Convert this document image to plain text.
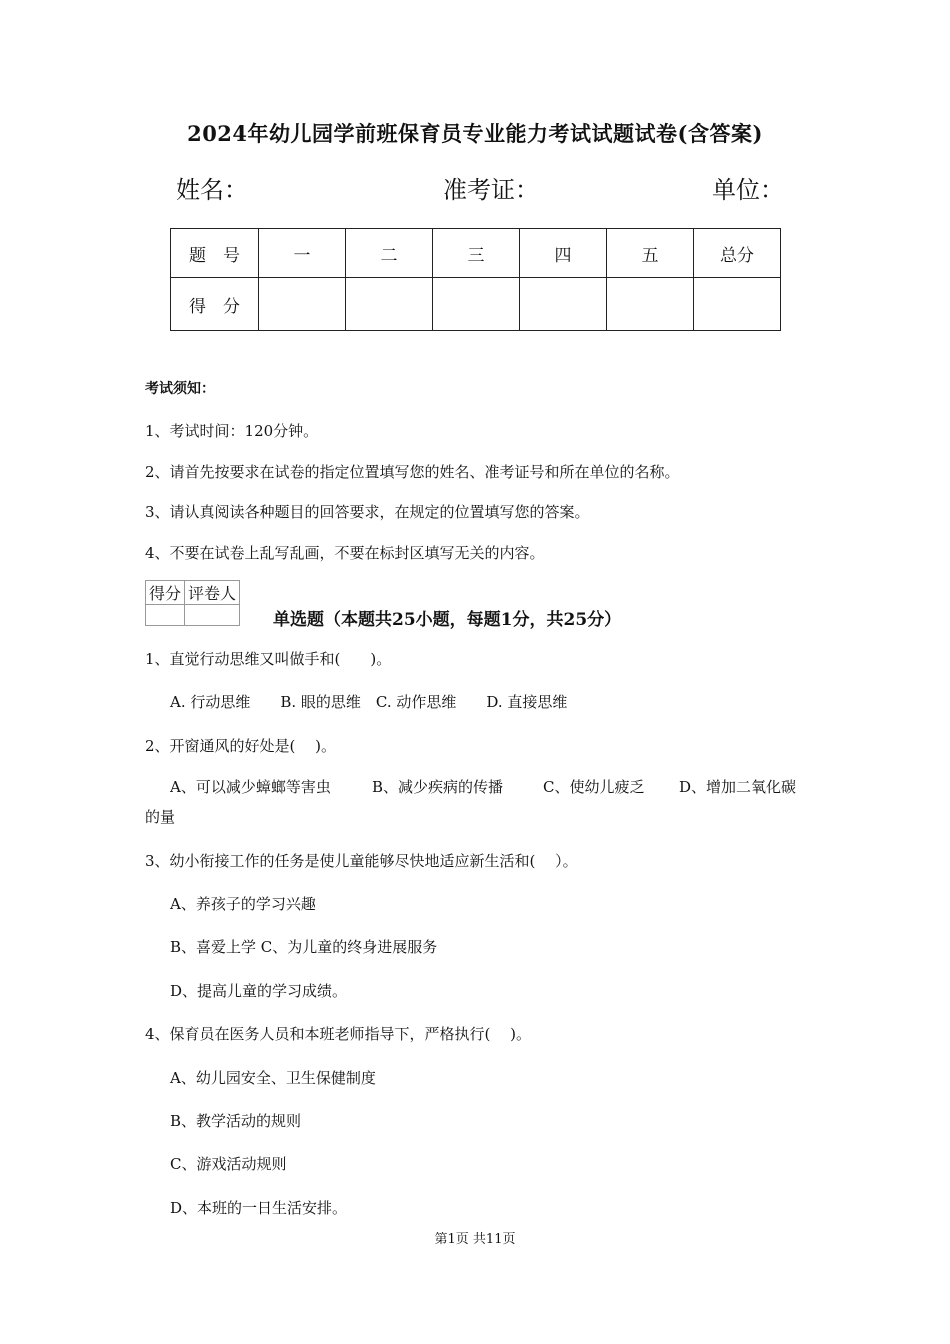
2024年幼儿园学前班保育员专业能力考试试题试卷(含答案)
姓名：	准考证：	单位：
题　号	一	二	三	四	五	总分
得　分						
考试须知：
1、考试时间：120分钟。
2、请首先按要求在试卷的指定位置填写您的姓名、准考证号和所在单位的名称。
3、请认真阅读各种题目的回答要求，在规定的位置填写您的答案。
4、不要在试卷上乱写乱画，不要在标封区填写无关的内容。
得分	评卷人

单选题（本题共25小题，每题1分，共25分）
1、直觉行动思维又叫做手和(　　)。
A. 行动思维　　B. 眼的思维　C. 动作思维　　D. 直接思维
2、开窗通风的好处是(　 )。
A、可以减少蟑螂等害虫	B、减少疾病的传播	C、使幼儿疲乏 D、增加二氧化碳
的量
3、幼小衔接工作的任务是使儿童能够尽快地适应新生活和(　 ）。
A、养孩子的学习兴趣
B、喜爱上学 C、为儿童的终身进展服务
D、提高儿童的学习成绩。
4、保育员在医务人员和本班老师指导下，严格执行(　 )。
A、幼儿园安全、卫生保健制度
B、教学活动的规则
C、游戏活动规则
D、本班的一日生活安排。
第1页 共11页
